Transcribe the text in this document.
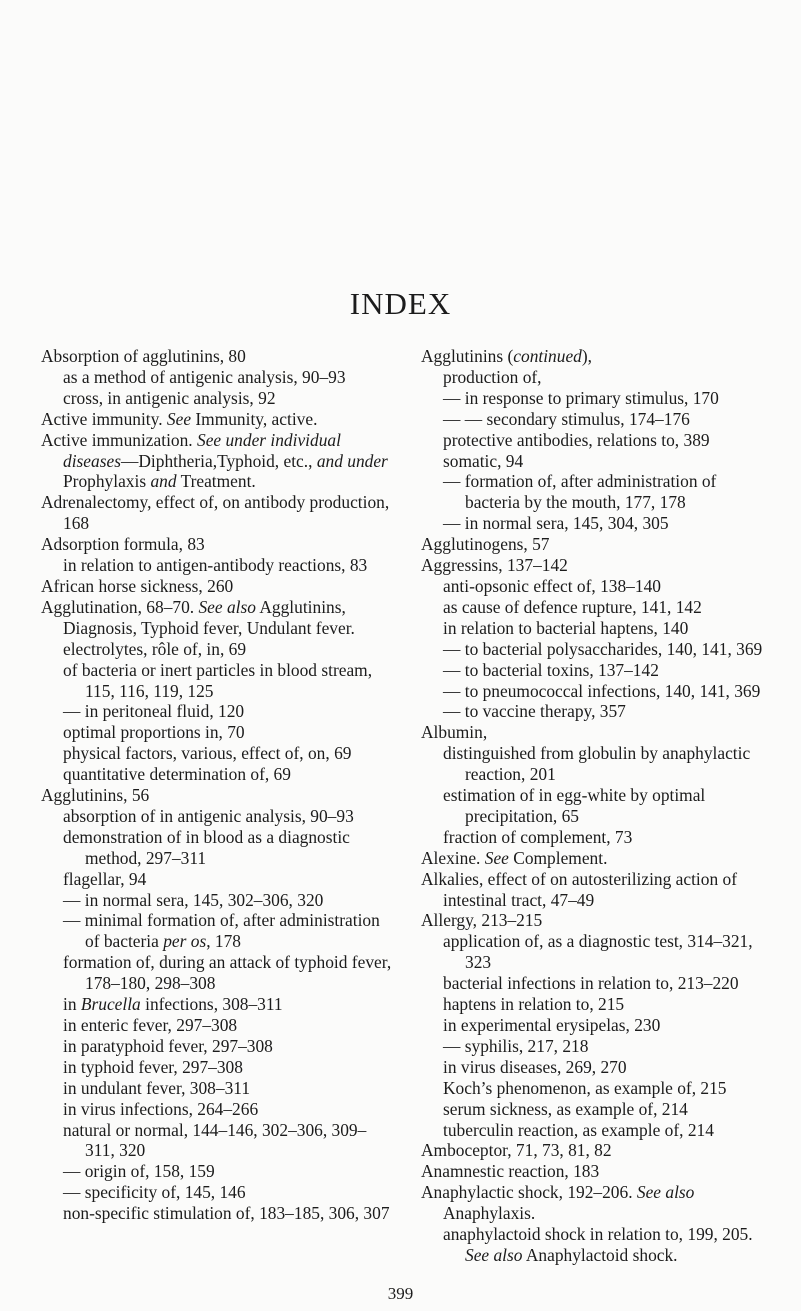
INDEX
Absorption of agglutinins, 80
as a method of antigenic analysis, 90–93
cross, in antigenic analysis, 92
Active immunity. See Immunity, active.
Active immunization. See under individual diseases—Diphtheria,Typhoid, etc., and under Prophylaxis and Treatment.
Adrenalectomy, effect of, on antibody production, 168
Adsorption formula, 83
in relation to antigen-antibody reactions, 83
African horse sickness, 260
Agglutination, 68–70. See also Agglutinins, Diagnosis, Typhoid fever, Undulant fever.
electrolytes, rôle of, in, 69
of bacteria or inert particles in blood stream, 115, 116, 119, 125
— in peritoneal fluid, 120
optimal proportions in, 70
physical factors, various, effect of, on, 69
quantitative determination of, 69
Agglutinins, 56
absorption of in antigenic analysis, 90–93
demonstration of in blood as a diagnostic method, 297–311
flagellar, 94
— in normal sera, 145, 302–306, 320
— minimal formation of, after administration of bacteria per os, 178
formation of, during an attack of typhoid fever, 178–180, 298–308
in Brucella infections, 308–311
in enteric fever, 297–308
in paratyphoid fever, 297–308
in typhoid fever, 297–308
in undulant fever, 308–311
in virus infections, 264–266
natural or normal, 144–146, 302–306, 309–311, 320
— origin of, 158, 159
— specificity of, 145, 146
non-specific stimulation of, 183–185, 306, 307
Agglutinins (continued),
production of,
— in response to primary stimulus, 170
— — secondary stimulus, 174–176
protective antibodies, relations to, 389
somatic, 94
— formation of, after administration of bacteria by the mouth, 177, 178
— in normal sera, 145, 304, 305
Agglutinogens, 57
Aggressins, 137–142
anti-opsonic effect of, 138–140
as cause of defence rupture, 141, 142
in relation to bacterial haptens, 140
— to bacterial polysaccharides, 140, 141, 369
— to bacterial toxins, 137–142
— to pneumococcal infections, 140, 141, 369
— to vaccine therapy, 357
Albumin,
distinguished from globulin by anaphylactic reaction, 201
estimation of in egg-white by optimal precipitation, 65
fraction of complement, 73
Alexine. See Complement.
Alkalies, effect of on autosterilizing action of intestinal tract, 47–49
Allergy, 213–215
application of, as a diagnostic test, 314–321, 323
bacterial infections in relation to, 213–220
haptens in relation to, 215
in experimental erysipelas, 230
— syphilis, 217, 218
in virus diseases, 269, 270
Koch’s phenomenon, as example of, 215
serum sickness, as example of, 214
tuberculin reaction, as example of, 214
Amboceptor, 71, 73, 81, 82
Anamnestic reaction, 183
Anaphylactic shock, 192–206. See also Anaphylaxis.
anaphylactoid shock in relation to, 199, 205. See also Anaphylactoid shock.
399
